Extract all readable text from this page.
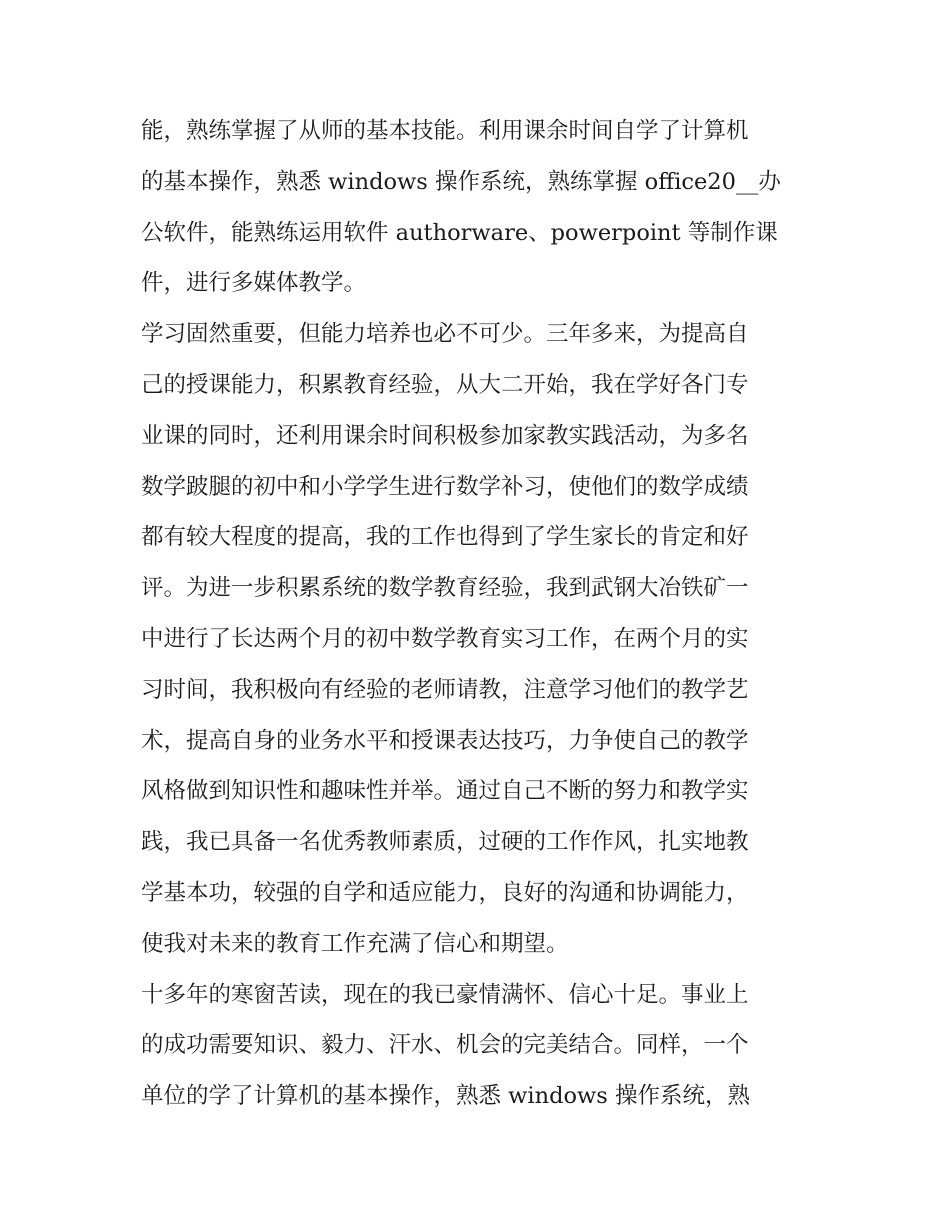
能，熟练掌握了从师的基本技能。利用课余时间自学了计算机
的基本操作，熟悉 windows 操作系统，熟练掌握 office20__办
公软件，能熟练运用软件 authorware、powerpoint 等制作课
件，进行多媒体教学。
学习固然重要，但能力培养也必不可少。三年多来，为提高自
己的授课能力，积累教育经验，从大二开始，我在学好各门专
业课的同时，还利用课余时间积极参加家教实践活动，为多名
数学跛腿的初中和小学学生进行数学补习，使他们的数学成绩
都有较大程度的提高，我的工作也得到了学生家长的肯定和好
评。为进一步积累系统的数学教育经验，我到武钢大冶铁矿一
中进行了长达两个月的初中数学教育实习工作，在两个月的实
习时间，我积极向有经验的老师请教，注意学习他们的教学艺
术，提高自身的业务水平和授课表达技巧，力争使自己的教学
风格做到知识性和趣味性并举。通过自己不断的努力和教学实
践，我已具备一名优秀教师素质，过硬的工作作风，扎实地教
学基本功，较强的自学和适应能力，良好的沟通和协调能力，
使我对未来的教育工作充满了信心和期望。
十多年的寒窗苦读，现在的我已豪情满怀、信心十足。事业上
的成功需要知识、毅力、汗水、机会的完美结合。同样，一个
单位的学了计算机的基本操作，熟悉 windows 操作系统，熟
